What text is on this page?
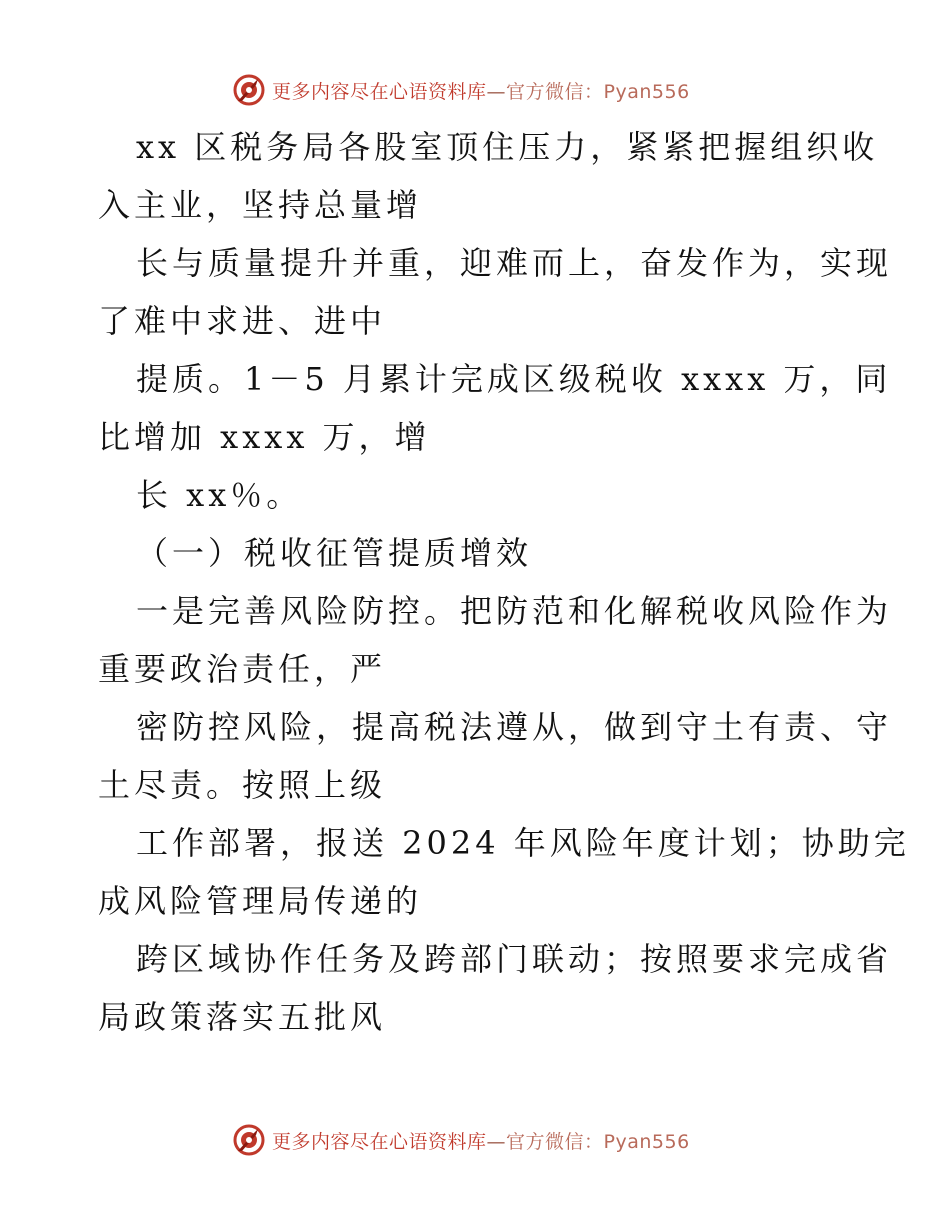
更多内容尽在心语资料库—官方微信：Pyan556
xx 区税务局各股室顶住压力，紧紧把握组织收
入主业，坚持总量增
长与质量提升并重，迎难而上，奋发作为，实现
了难中求进、进中
提质。1－5 月累计完成区级税收 xxxx 万，同
比增加 xxxx 万，增
长 xx％。
（一）税收征管提质增效
一是完善风险防控。把防范和化解税收风险作为
重要政治责任，严
密防控风险，提高税法遵从，做到守土有责、守
土尽责。按照上级
工作部署，报送 2024 年风险年度计划；协助完
成风险管理局传递的
跨区域协作任务及跨部门联动；按照要求完成省
局政策落实五批风
更多内容尽在心语资料库—官方微信：Pyan556
